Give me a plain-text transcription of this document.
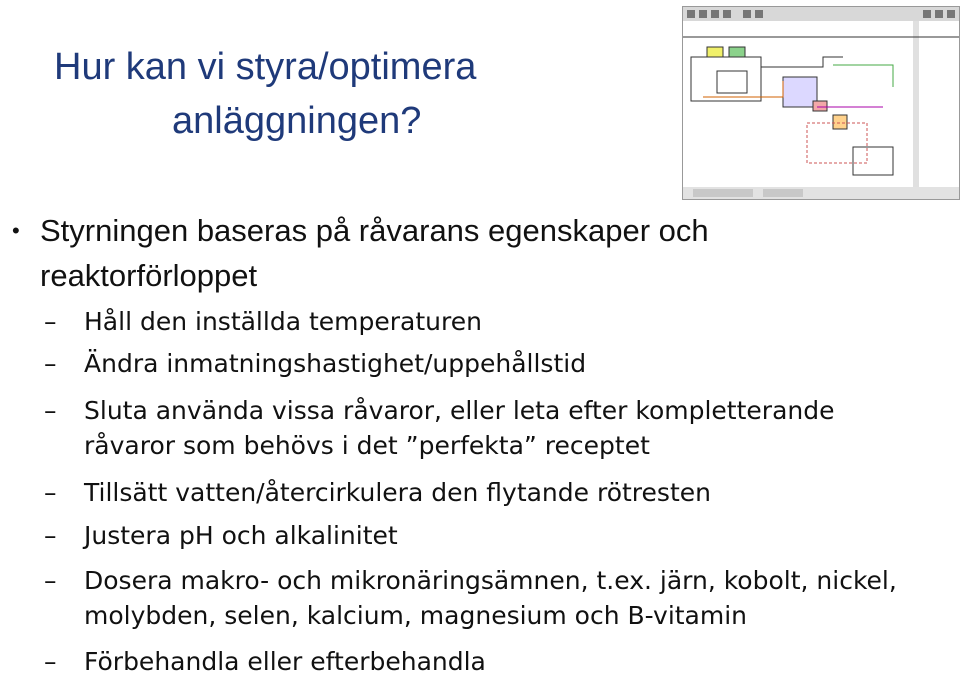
Hur kan vi styra/optimera
anläggningen?
• Styrningen baseras på råvarans egenskaper och reaktorförloppet
–	Håll den inställda temperaturen
–	Ändra inmatningshastighet/uppehållstid
–	Sluta använda vissa råvaror, eller leta efter kompletterande råvaror som behövs i det ”perfekta” receptet
–	Tillsätt vatten/återcirkulera den flytande rötresten
–	Justera pH och alkalinitet
–	Dosera makro- och mikronäringsämnen, t.ex. järn, kobolt, nickel, molybden, selen, kalcium, magnesium och B-vitamin
–	Förbehandla eller efterbehandla
